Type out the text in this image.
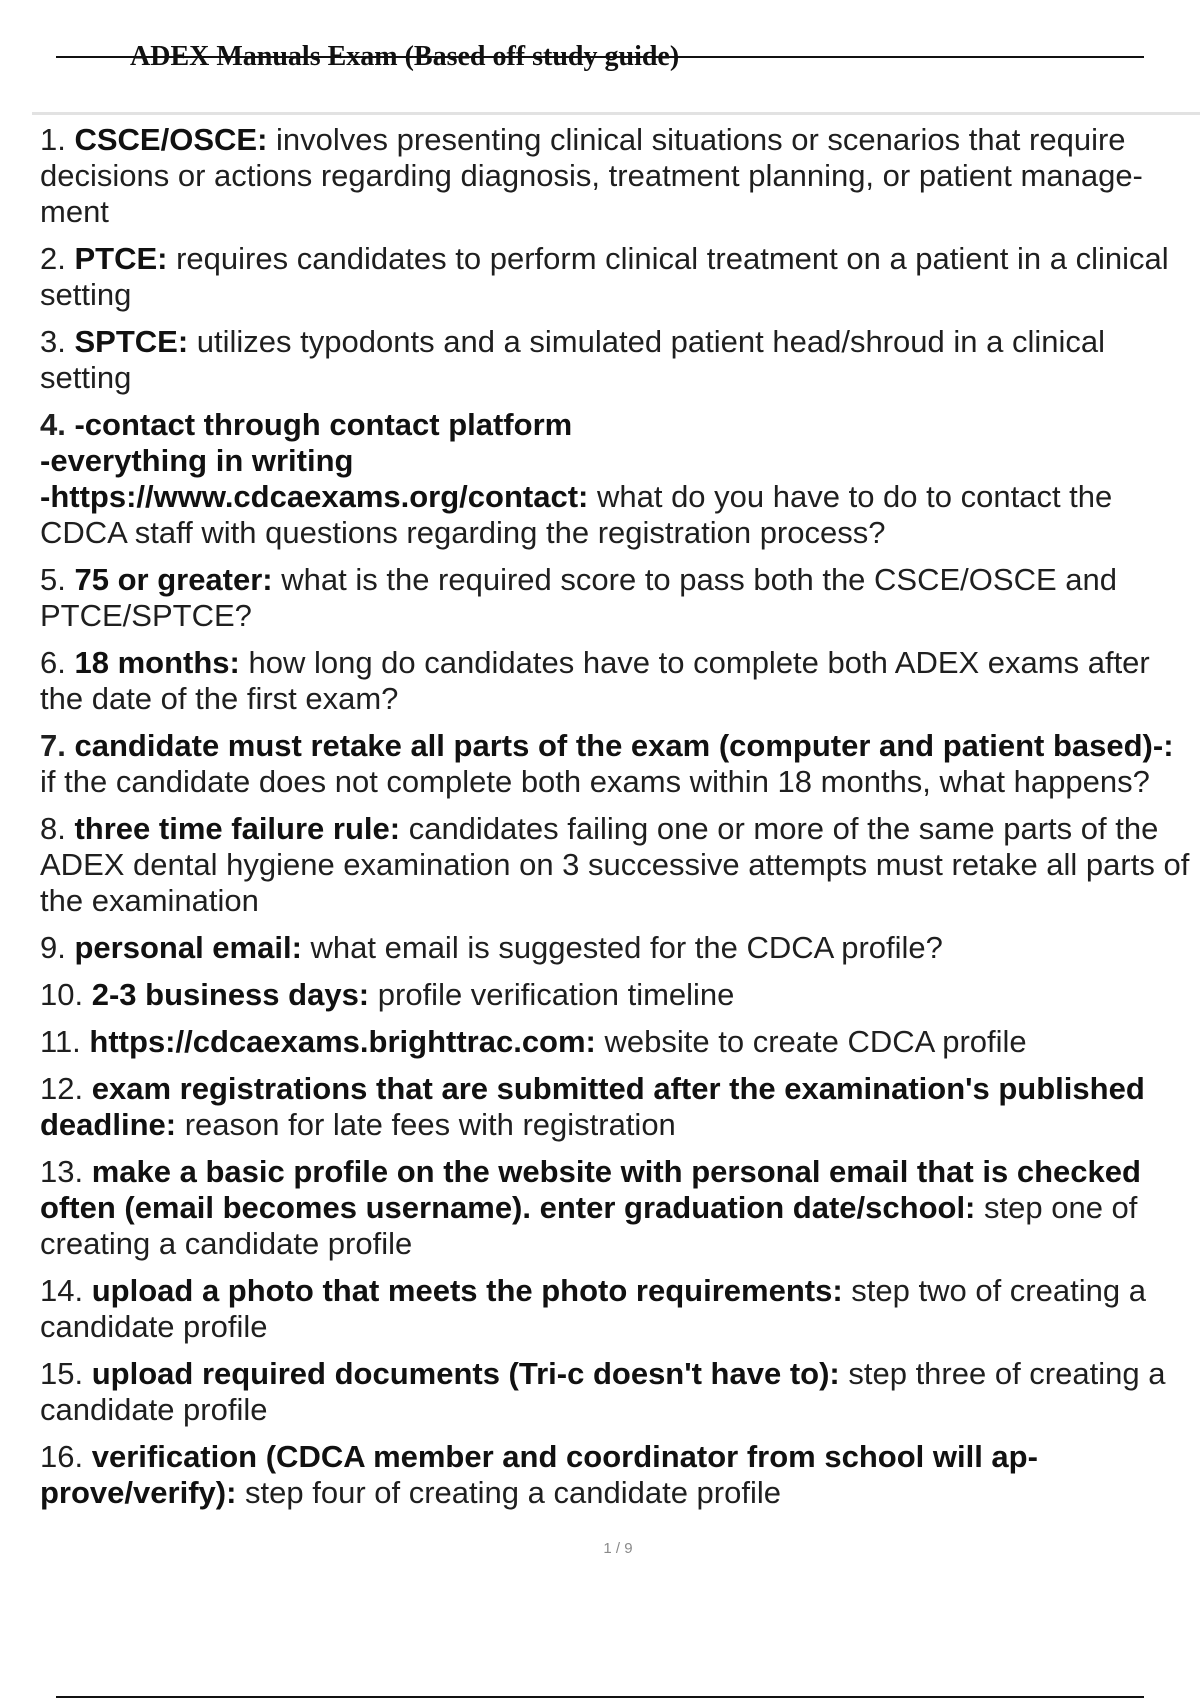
ADEX Manuals Exam (Based off study guide)
1. CSCE/OSCE: involves presenting clinical situations or scenarios that require decisions or actions regarding diagnosis, treatment planning, or patient manage-ment
2. PTCE: requires candidates to perform clinical treatment on a patient in a clinical setting
3. SPTCE: utilizes typodonts and a simulated patient head/shroud in a clinical setting
4. -contact through contact platform
-everything in writing
-https://www.cdcaexams.org/contact: what do you have to do to contact the CDCA staff with questions regarding the registration process?
5. 75 or greater: what is the required score to pass both the CSCE/OSCE and PTCE/SPTCE?
6. 18 months: how long do candidates have to complete both ADEX exams after the date of the first exam?
7. candidate must retake all parts of the exam (computer and patient based)-: if the candidate does not complete both exams within 18 months, what happens?
8. three time failure rule: candidates failing one or more of the same parts of the ADEX dental hygiene examination on 3 successive attempts must retake all parts of the examination
9. personal email: what email is suggested for the CDCA profile?
10. 2-3 business days: profile verification timeline
11. https://cdcaexams.brighttrac.com: website to create CDCA profile
12. exam registrations that are submitted after the examination's published deadline: reason for late fees with registration
13. make a basic profile on the website with personal email that is checked often (email becomes username). enter graduation date/school: step one of creating a candidate profile
14. upload a photo that meets the photo requirements: step two of creating a candidate profile
15. upload required documents (Tri-c doesn't have to): step three of creating a candidate profile
16. verification (CDCA member and coordinator from school will ap-prove/verify): step four of creating a candidate profile
1 / 9
